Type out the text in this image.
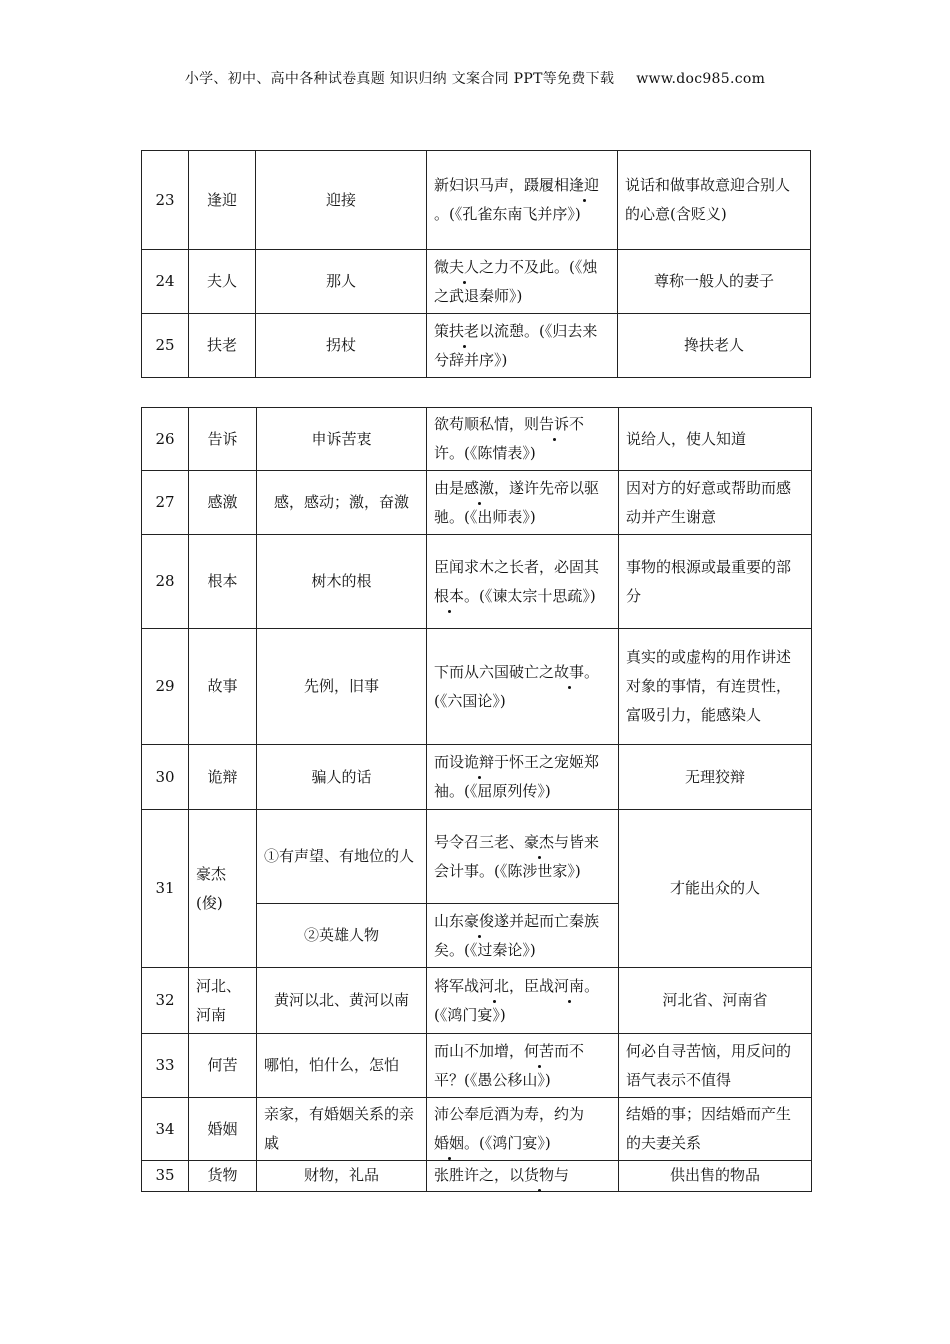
小学、初中、高中各种试卷真题 知识归纳 文案合同 PPT等免费下载 www.doc985.com
23	逢迎	迎接	新妇识马声，蹑履相逢迎。(《孔雀东南飞并序》)	说话和做事故意迎合别人的心意(含贬义)
24	夫人	那人	微夫人之力不及此。(《烛之武退秦师》)	尊称一般人的妻子
25	扶老	拐杖	策扶老以流憩。(《归去来兮辞并序》)	搀扶老人
26	告诉	申诉苦衷	欲苟顺私情，则告诉不许。(《陈情表》)	说给人，使人知道
27	感激	感，感动；激，奋激	由是感激，遂许先帝以驱驰。(《出师表》)	因对方的好意或帮助而感动并产生谢意
28	根本	树木的根	臣闻求木之长者，必固其根本。(《谏太宗十思疏》)	事物的根源或最重要的部分
29	故事	先例，旧事	下而从六国破亡之故事。(《六国论》)	真实的或虚构的用作讲述对象的事情，有连贯性，富吸引力，能感染人
30	诡辩	骗人的话	而设诡辩于怀王之宠姬郑袖。(《屈原列传》)	无理狡辩
31	豪杰(俊)	①有声望、有地位的人	号令召三老、豪杰与皆来会计事。(《陈涉世家》)	才能出众的人
		②英雄人物	山东豪俊遂并起而亡秦族矣。(《过秦论》)	
32	河北、河南	黄河以北、黄河以南	将军战河北，臣战河南。(《鸿门宴》)	河北省、河南省
33	何苦	哪怕，怕什么，怎怕	而山不加增，何苦而不平？(《愚公移山》)	何必自寻苦恼，用反问的语气表示不值得
34	婚姻	亲家，有婚姻关系的亲戚	沛公奉卮酒为寿，约为婚姻。(《鸿门宴》)	结婚的事；因结婚而产生的夫妻关系
35	货物	财物，礼品	张胜许之，以货物与	供出售的物品
